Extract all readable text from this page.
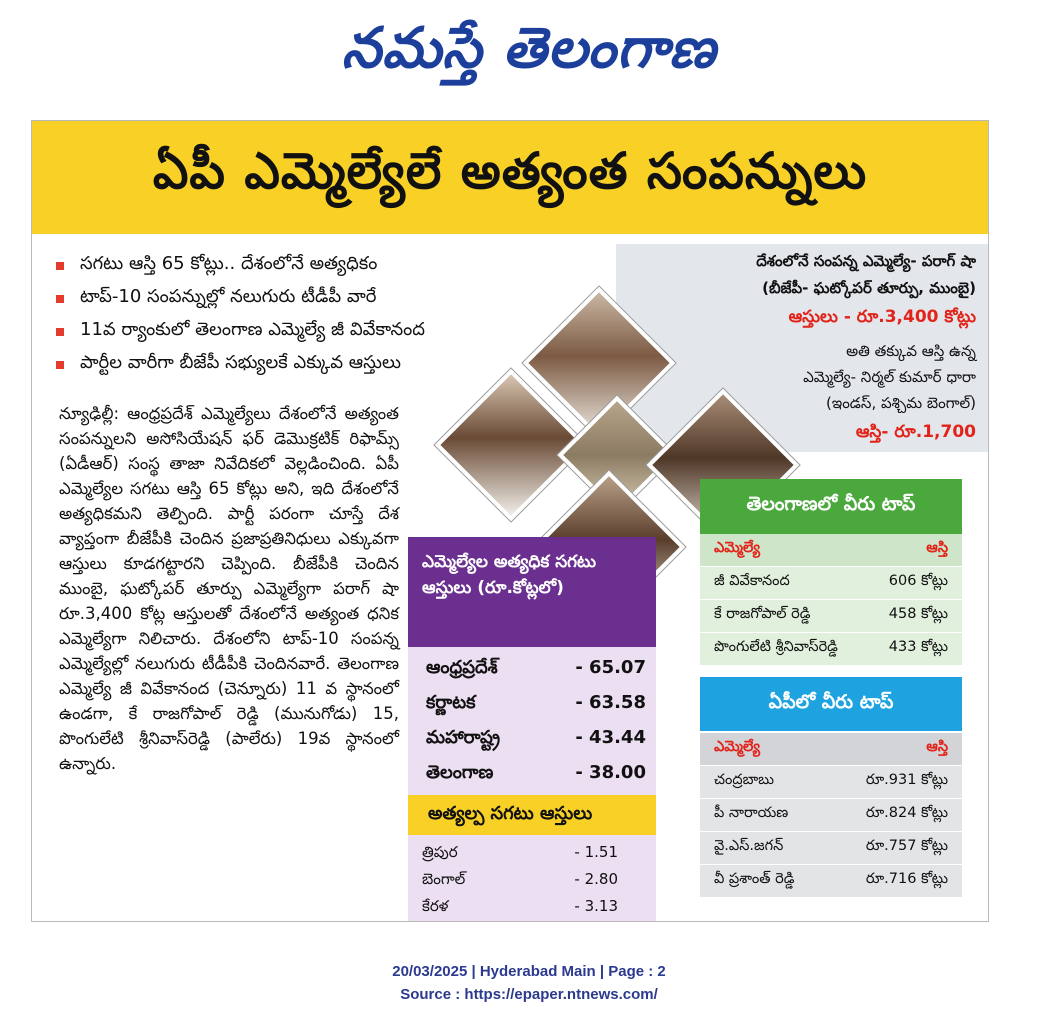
నమస్తే తెలంగాణ
ఏపీ ఎమ్మెల్యేలే అత్యంత సంపన్నులు
సగటు ఆస్తి 65 కోట్లు.. దేశంలోనే అత్యధికం
టాప్-10 సంపన్నుల్లో నలుగురు టీడీపీ వారే
11వ ర్యాంకులో తెలంగాణ ఎమ్మెల్యే జీ వివేకానంద
పార్టీల వారీగా బీజేపీ సభ్యులకే ఎక్కువ ఆస్తులు

న్యూఢిల్లీ: ఆంధ్రప్రదేశ్ ఎమ్మెల్యేలు దేశంలోనే అత్యంత సంపన్నులని అసోసియేషన్ ఫర్ డెమొక్రటిక్ రిఫామ్స్ (ఏడీఆర్) సంస్థ తాజా నివేదికలో వెల్లడించింది. ఏపీ ఎమ్మెల్యేల సగటు ఆస్తి 65 కోట్లు అని, ఇది దేశంలోనే అత్యధికమని తెల్పింది. పార్టీ పరంగా చూస్తే దేశ వ్యాప్తంగా బీజేపీకి చెందిన ప్రజాప్రతినిధులు ఎక్కువగా ఆస్తులు కూడగట్టారని చెప్పింది. బీజేపీకి చెందిన ముంబై, ఘట్కోపర్ తూర్పు ఎమ్మెల్యేగా పరాగ్ షా రూ.3,400 కోట్ల ఆస్తులతో దేశంలోనే అత్యంత ధనిక ఎమ్మెల్యేగా నిలిచారు. దేశంలోని టాప్-10 సంపన్న ఎమ్మెల్యేల్లో నలుగురు టీడీపీకి చెందినవారే. తెలంగాణ ఎమ్మెల్యే జీ వివేకానంద (చెన్నూరు) 11 వ స్థానంలో ఉండగా, కే రాజగోపాల్ రెడ్డి (మునుగోడు) 15, పొంగులేటి శ్రీనివాస్‌రెడ్డి (పాలేరు) 19వ స్థానంలో ఉన్నారు.

దేశంలోనే సంపన్న ఎమ్మెల్యే- పరాగ్ షా
(బీజేపీ- ఘట్కోపర్ తూర్పు, ముంబై)
ఆస్తులు - రూ.3,400 కోట్లు
అతి తక్కువ ఆస్తి ఉన్న
ఎమ్మెల్యే- నిర్మల్ కుమార్ ధారా
(ఇండస్, పశ్చిమ బెంగాల్)
ఆస్తి- రూ.1,700
ఎమ్మెల్యేల అత్యధిక సగటు ఆస్తులు (రూ.కోట్లలో)
ఆంధ్రప్రదేశ్	- 65.07
కర్ణాటక	- 63.58
మహారాష్ట్ర	- 43.44
తెలంగాణ	- 38.00
అత్యల్ప సగటు ఆస్తులు
త్రిపుర	- 1.51
బెంగాల్	- 2.80
కేరళ	- 3.13
తెలంగాణలో వీరు టాప్
ఎమ్మెల్యే	ఆస్తి
జీ వివేకానంద	606 కోట్లు
కే రాజగోపాల్ రెడ్డి	458 కోట్లు
పొంగులేటి శ్రీనివాస్‌రెడ్డి	433 కోట్లు
ఏపీలో వీరు టాప్
ఎమ్మెల్యే	ఆస్తి
చంద్రబాబు	రూ.931 కోట్లు
పీ నారాయణ	రూ.824 కోట్లు
వై.ఎస్.జగన్	రూ.757 కోట్లు
వీ ప్రశాంత్ రెడ్డి	రూ.716 కోట్లు
20/03/2025 | Hyderabad Main | Page : 2
Source : https://epaper.ntnews.com/
